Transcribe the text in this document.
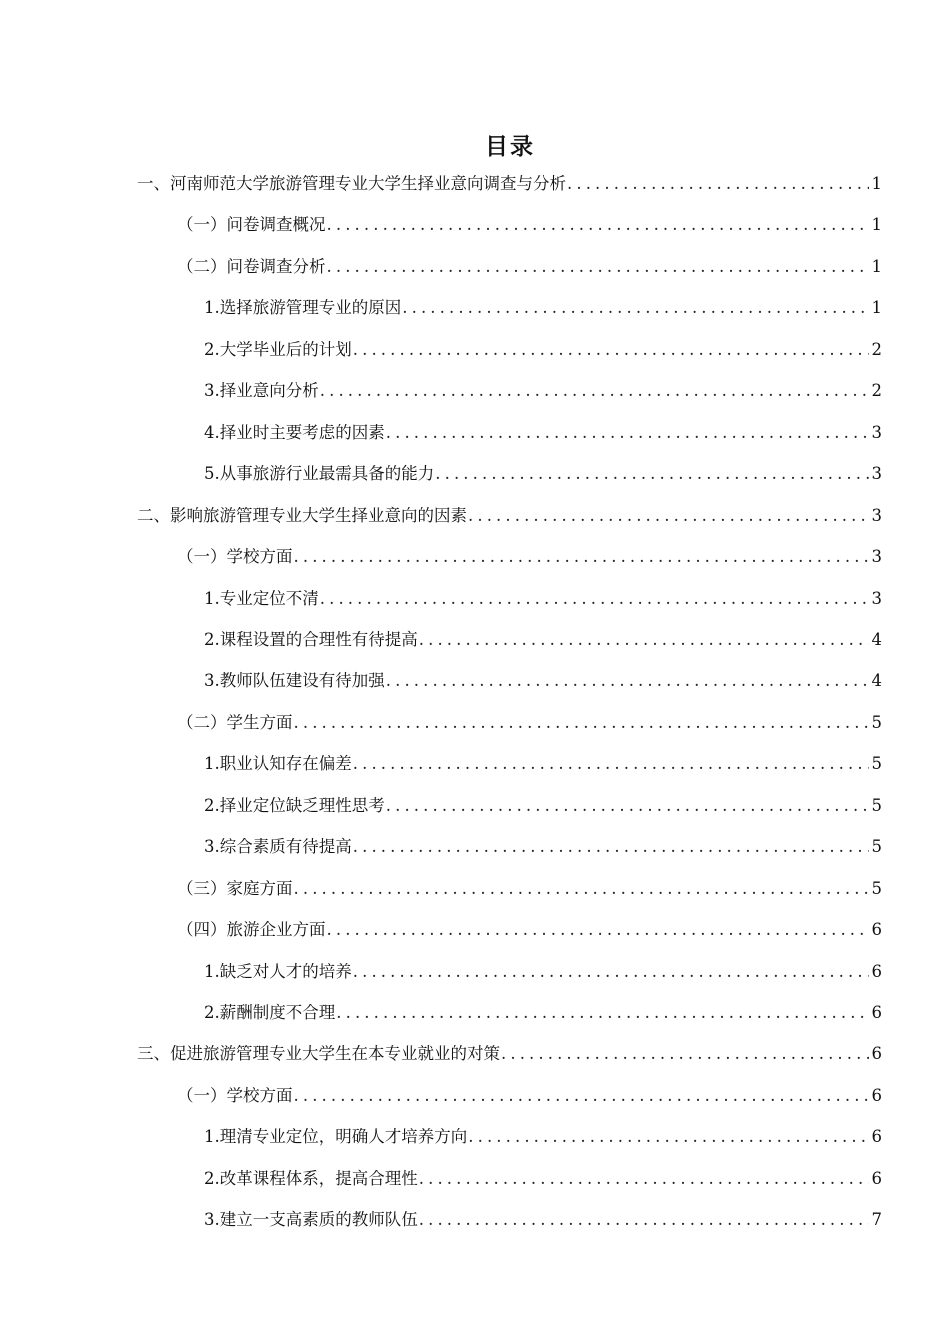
目录
一、河南师范大学旅游管理专业大学生择业意向调查与分析 .....	1
（一）问卷调查概况 .....	1
（二）问卷调查分析 .....	1
1.选择旅游管理专业的原因 .....	1
2.大学毕业后的计划 .....	2
3.择业意向分析 .....	2
4.择业时主要考虑的因素 .....	3
5.从事旅游行业最需具备的能力 .....	3
二、影响旅游管理专业大学生择业意向的因素 .....	3
（一）学校方面 .....	3
1.专业定位不清 .....	3
2.课程设置的合理性有待提高 .....	4
3.教师队伍建设有待加强 .....	4
（二）学生方面 .....	5
1.职业认知存在偏差 .....	5
2.择业定位缺乏理性思考 .....	5
3.综合素质有待提高 .....	5
（三）家庭方面 .....	5
（四）旅游企业方面 .....	6
1.缺乏对人才的培养 .....	6
2.薪酬制度不合理 .....	6
三、促进旅游管理专业大学生在本专业就业的对策 .....	6
（一）学校方面 .....	6
1.理清专业定位，明确人才培养方向 .....	6
2.改革课程体系，提高合理性 .....	6
3.建立一支高素质的教师队伍 .....	7
